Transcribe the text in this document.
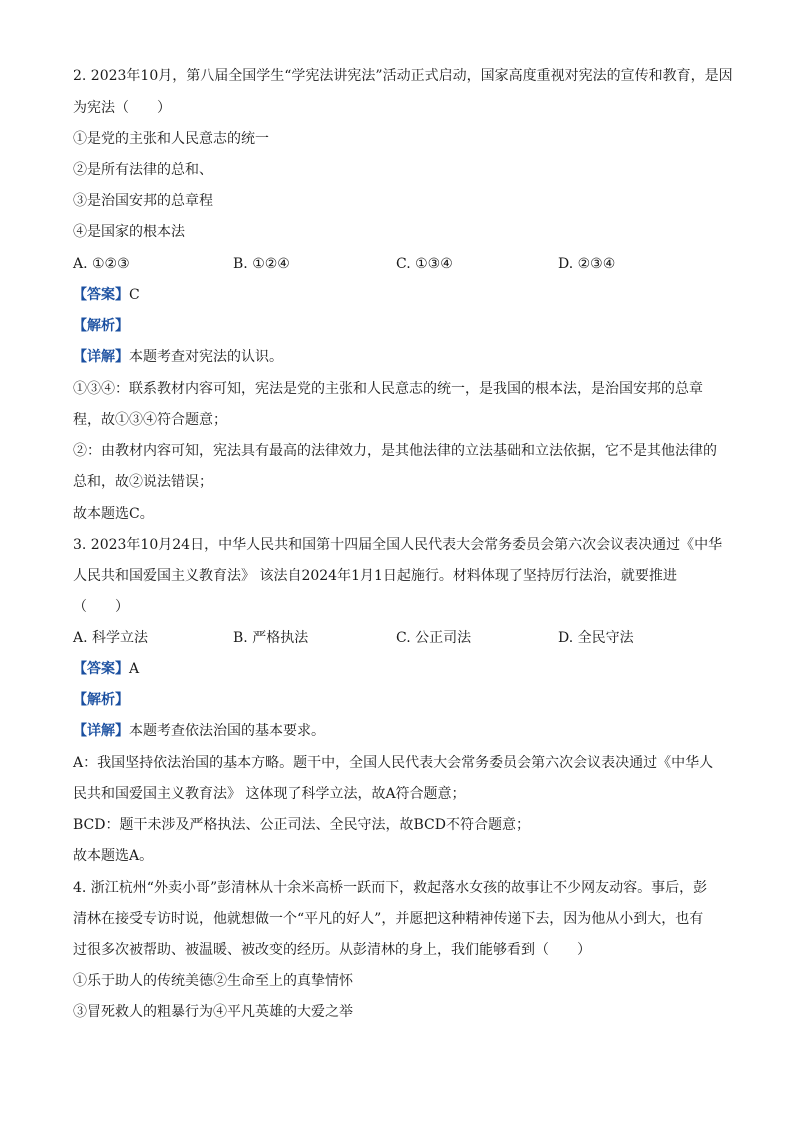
2. 2023年10月，第八届全国学生“学宪法讲宪法”活动正式启动，国家高度重视对宪法的宣传和教育，是因
为宪法（　　）
①是党的主张和人民意志的统一
②是所有法律的总和、
③是治国安邦的总章程
④是国家的根本法
A. ①②③	B. ①②④	C. ①③④	D. ②③④
【答案】C
【解析】
【详解】本题考查对宪法的认识。
①③④：联系教材内容可知，宪法是党的主张和人民意志的统一，是我国的根本法，是治国安邦的总章
程，故①③④符合题意；
②：由教材内容可知，宪法具有最高的法律效力，是其他法律的立法基础和立法依据，它不是其他法律的
总和，故②说法错误；
故本题选C。
3. 2023年10月24日，中华人民共和国第十四届全国人民代表大会常务委员会第六次会议表决通过《中华
人民共和国爱国主义教育法》 该法自2024年1月1日起施行。材料体现了坚持厉行法治，就要推进
（　　）
A. 科学立法	B. 严格执法	C. 公正司法	D. 全民守法
【答案】A
【解析】
【详解】本题考查依法治国的基本要求。
A：我国坚持依法治国的基本方略。题干中，全国人民代表大会常务委员会第六次会议表决通过《中华人
民共和国爱国主义教育法》 这体现了科学立法，故A符合题意；
BCD：题干未涉及严格执法、公正司法、全民守法，故BCD不符合题意；
故本题选A。
4. 浙江杭州“外卖小哥”彭清林从十余米高桥一跃而下，救起落水女孩的故事让不少网友动容。事后，彭
清林在接受专访时说，他就想做一个“平凡的好人”，并愿把这种精神传递下去，因为他从小到大，也有
过很多次被帮助、被温暖、被改变的经历。从彭清林的身上，我们能够看到（　　）
①乐于助人的传统美德②生命至上的真挚情怀
③冒死救人的粗暴行为④平凡英雄的大爱之举
